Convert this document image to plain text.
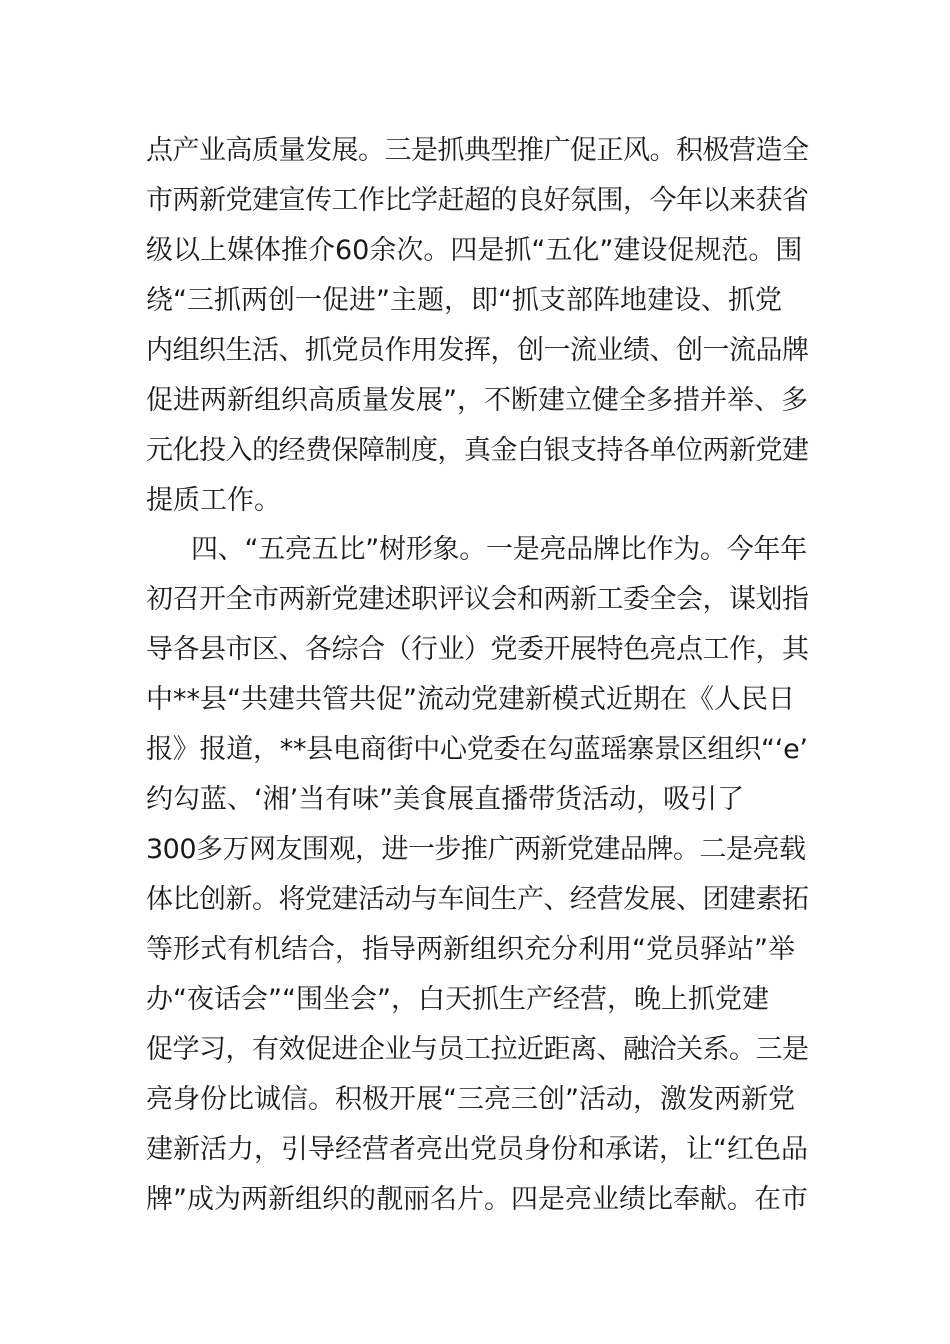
点产业高质量发展。三是抓典型推广促正风。积极营造全
市两新党建宣传工作比学赶超的良好氛围，今年以来获省
级以上媒体推介60余次。四是抓“五化”建设促规范。围
绕“三抓两创一促进”主题，即“抓支部阵地建设、抓党
内组织生活、抓党员作用发挥，创一流业绩、创一流品牌
促进两新组织高质量发展”，不断建立健全多措并举、多
元化投入的经费保障制度，真金白银支持各单位两新党建
提质工作。
四、“五亮五比”树形象。一是亮品牌比作为。今年年
初召开全市两新党建述职评议会和两新工委全会，谋划指
导各县市区、各综合（行业）党委开展特色亮点工作，其
中**县“共建共管共促”流动党建新模式近期在《人民日
报》报道，**县电商街中心党委在勾蓝瑶寨景区组织“‘e’
约勾蓝、‘湘’当有味”美食展直播带货活动，吸引了
300多万网友围观，进一步推广两新党建品牌。二是亮载
体比创新。将党建活动与车间生产、经营发展、团建素拓
等形式有机结合，指导两新组织充分利用“党员驿站”举
办“夜话会”“围坐会”，白天抓生产经营，晚上抓党建
促学习，有效促进企业与员工拉近距离、融洽关系。三是
亮身份比诚信。积极开展“三亮三创”活动，激发两新党
建新活力，引导经营者亮出党员身份和承诺，让“红色品
牌”成为两新组织的靓丽名片。四是亮业绩比奉献。在市
